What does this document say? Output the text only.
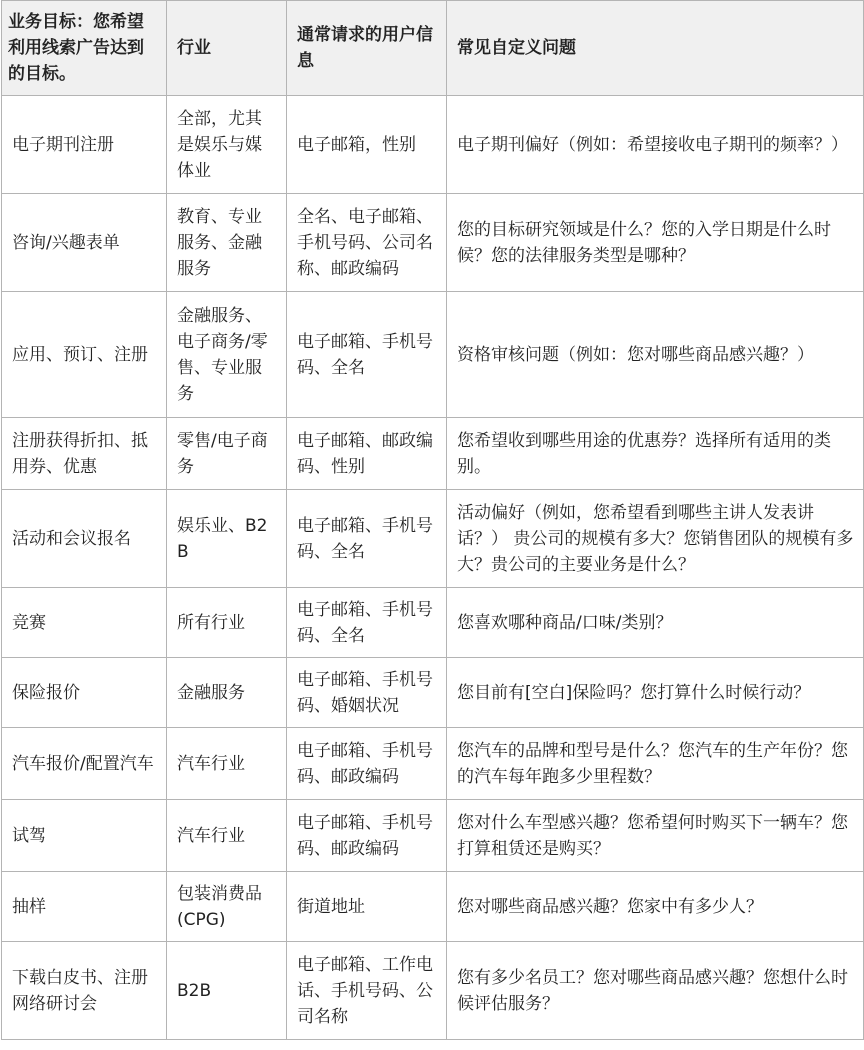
业务目标：您希望利用线索广告达到的目标。	行业	通常请求的用户信息	常见自定义问题
电子期刊注册	全部，尤其是娱乐与媒体业	电子邮箱，性别	电子期刊偏好（例如：希望接收电子期刊的频率？）
咨询/兴趣表单	教育、专业服务、金融服务	全名、电子邮箱、手机号码、公司名称、邮政编码	您的目标研究领域是什么？您的入学日期是什么时候？您的法律服务类型是哪种？
应用、预订、注册	金融服务、电子商务/零售、专业服务	电子邮箱、手机号码、全名	资格审核问题（例如：您对哪些商品感兴趣？）
注册获得折扣、抵用券、优惠	零售/电子商务	电子邮箱、邮政编码、性别	您希望收到哪些用途的优惠券？选择所有适用的类别。
活动和会议报名	娱乐业、B2B	电子邮箱、手机号码、全名	活动偏好（例如，您希望看到哪些主讲人发表讲话？） 贵公司的规模有多大？您销售团队的规模有多大？贵公司的主要业务是什么？
竞赛	所有行业	电子邮箱、手机号码、全名	您喜欢哪种商品/口味/类别？
保险报价	金融服务	电子邮箱、手机号码、婚姻状况	您目前有[空白]保险吗？您打算什么时候行动？
汽车报价/配置汽车	汽车行业	电子邮箱、手机号码、邮政编码	您汽车的品牌和型号是什么？您汽车的生产年份？您的汽车每年跑多少里程数？
试驾	汽车行业	电子邮箱、手机号码、邮政编码	您对什么车型感兴趣？您希望何时购买下一辆车？您打算租赁还是购买？
抽样	包装消费品(CPG)	街道地址	您对哪些商品感兴趣？您家中有多少人？
下载白皮书、注册网络研讨会	B2B	电子邮箱、工作电话、手机号码、公司名称	您有多少名员工？您对哪些商品感兴趣？您想什么时候评估服务？
